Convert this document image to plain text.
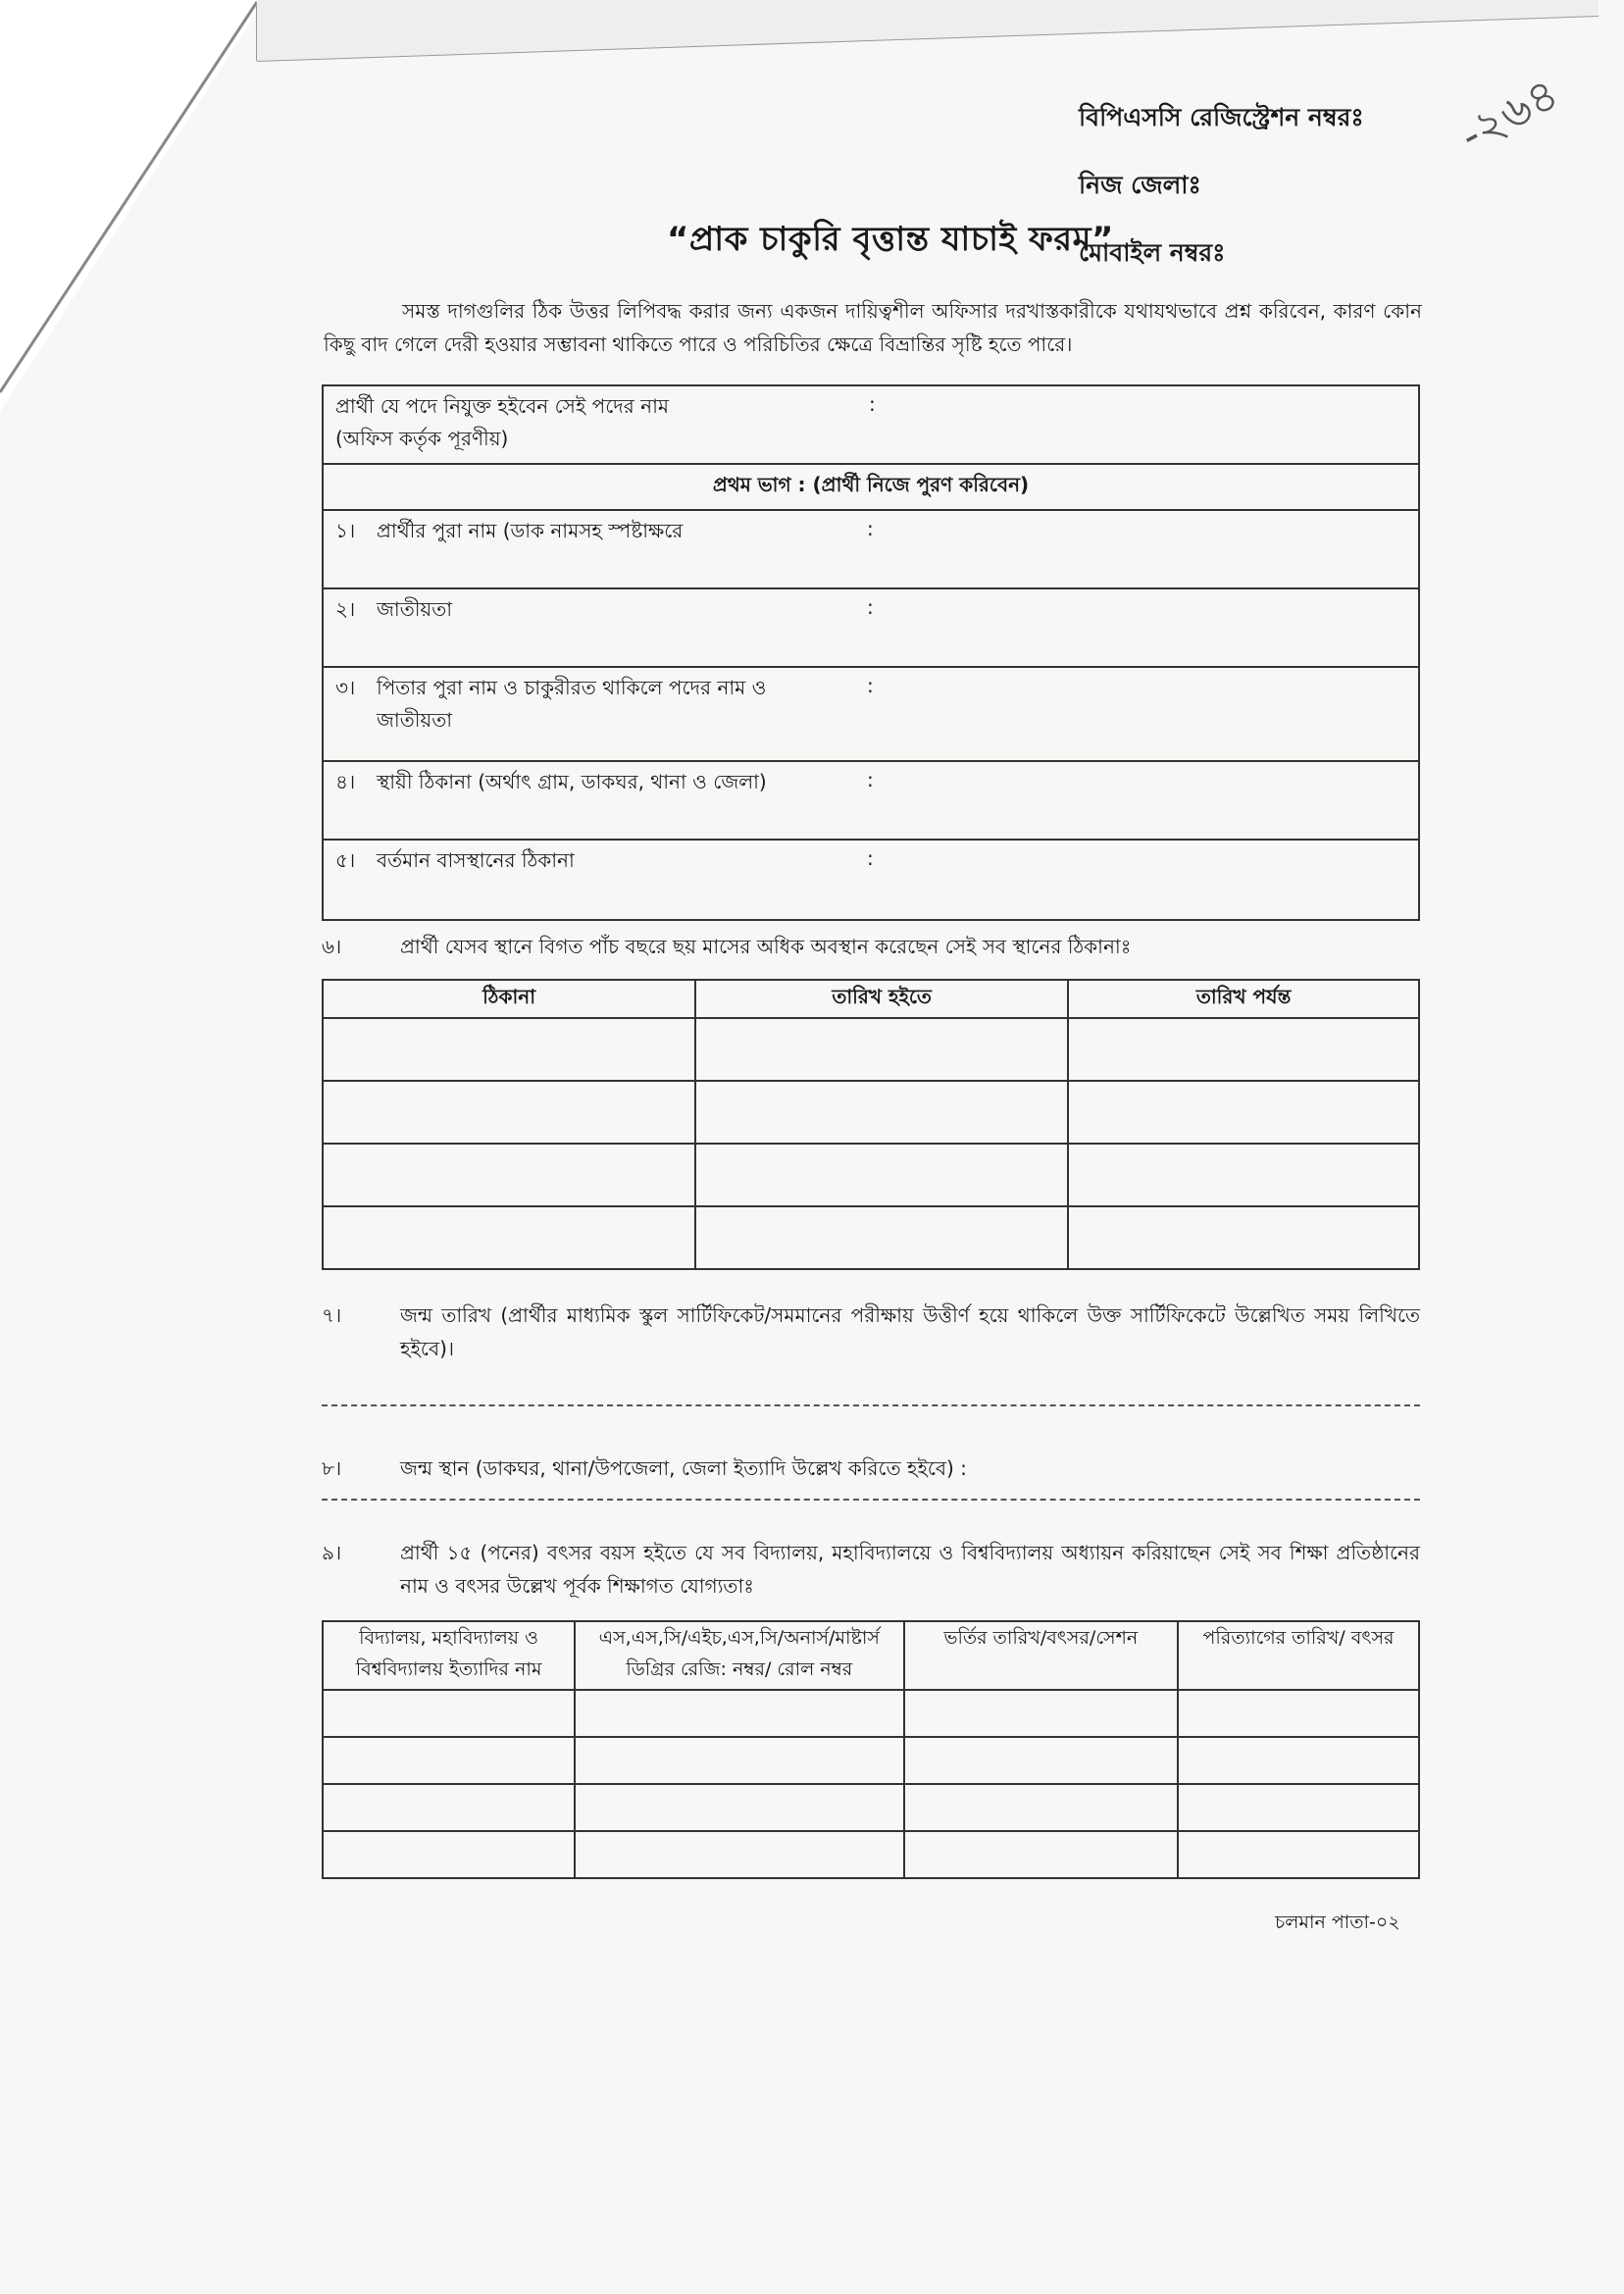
বিপিএসসি রেজিস্ট্রেশন নম্বরঃ
নিজ জেলাঃ
মোবাইল নম্বরঃ
-২৬৪
“প্রাক চাকুরি বৃত্তান্ত যাচাই ফরম”
সমস্ত দাগগুলির ঠিক উত্তর লিপিবদ্ধ করার জন্য একজন দায়িত্বশীল অফিসার দরখাস্তকারীকে যথাযথভাবে প্রশ্ন করিবেন, কারণ কোন কিছু বাদ গেলে দেরী হওয়ার সম্ভাবনা থাকিতে পারে ও পরিচিতির ক্ষেত্রে বিভ্রান্তির সৃষ্টি হতে পারে।
প্রার্থী যে পদে নিযুক্ত হইবেন সেই পদের নাম
(অফিস কর্তৃক পূরণীয়):
প্রথম ভাগ : (প্রার্থী নিজে পুরণ করিবেন)
১। প্রার্থীর পুরা নাম (ডাক নামসহ স্পষ্টাক্ষরে	:
২। জাতীয়তা	:
৩। পিতার পুরা নাম ও চাকুরীরত থাকিলে পদের নাম ও জাতীয়তা:
৪। স্থায়ী ঠিকানা (অর্থাৎ গ্রাম, ডাকঘর, থানা ও জেলা)	:
৫। বর্তমান বাসস্থানের ঠিকানা	:
৬।	প্রার্থী যেসব স্থানে বিগত পাঁচ বছরে ছয় মাসের অধিক অবস্থান করেছেন সেই সব স্থানের ঠিকানাঃ
ঠিকানা	তারিখ হইতে	তারিখ পর্যন্ত

৭।	জন্ম তারিখ (প্রার্থীর মাধ্যমিক স্কুল সার্টিফিকেট/সমমানের পরীক্ষায় উত্তীর্ণ হয়ে থাকিলে উক্ত সার্টিফিকেটে উল্লেখিত সময় লিখিতে হইবে)।
৮।	জন্ম স্থান (ডাকঘর, থানা/উপজেলা, জেলা ইত্যাদি উল্লেখ করিতে হইবে) :
৯।	প্রার্থী ১৫ (পনের) বৎসর বয়স হইতে যে সব বিদ্যালয়, মহাবিদ্যালয়ে ও বিশ্ববিদ্যালয় অধ্যায়ন করিয়াছেন সেই সব শিক্ষা প্রতিষ্ঠানের নাম ও বৎসর উল্লেখ পূর্বক শিক্ষাগত যোগ্যতাঃ
বিদ্যালয়, মহাবিদ্যালয় ও বিশ্ববিদ্যালয় ইত্যাদির নাম	এস,এস,সি/এইচ,এস,সি/অনার্স/মাষ্টার্স ডিগ্রির রেজি: নম্বর/ রোল নম্বর	ভর্তির তারিখ/বৎসর/সেশন	পরিত্যাগের তারিখ/ বৎসর

চলমান পাতা-০২
